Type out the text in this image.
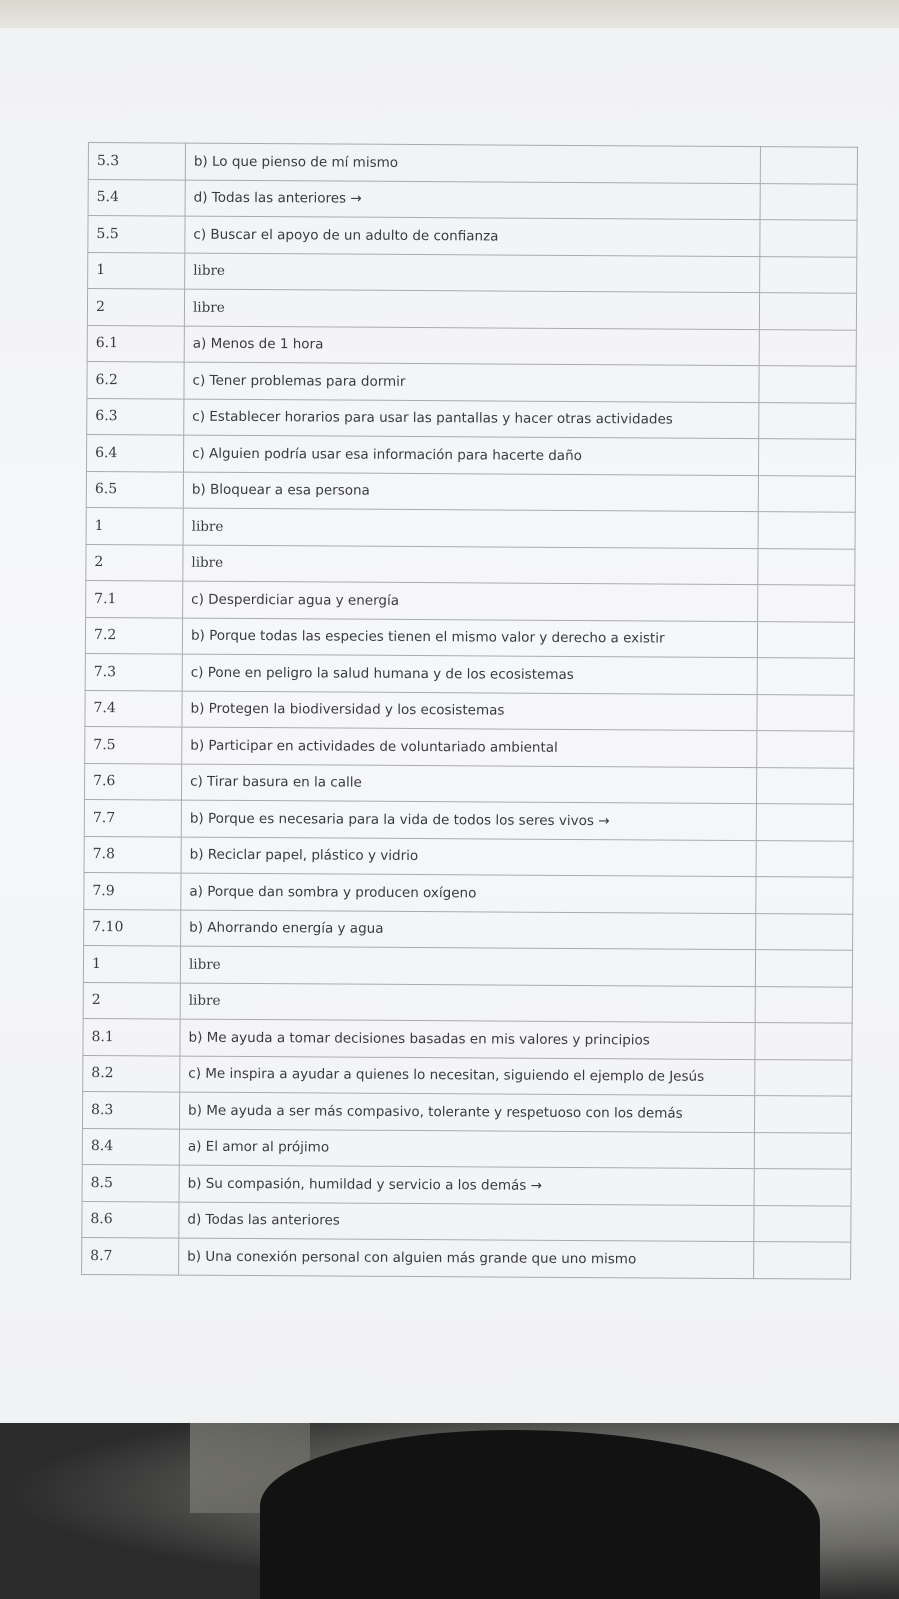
5.3	b) Lo que pienso de mí mismo	
5.4	d) Todas las anteriores →	
5.5	c) Buscar el apoyo de un adulto de confianza	
1	libre	
2	libre	
6.1	a) Menos de 1 hora	
6.2	c) Tener problemas para dormir	
6.3	c) Establecer horarios para usar las pantallas y hacer otras actividades	
6.4	c) Alguien podría usar esa información para hacerte daño	
6.5	b) Bloquear a esa persona	
1	libre	
2	libre	
7.1	c) Desperdiciar agua y energía	
7.2	b) Porque todas las especies tienen el mismo valor y derecho a existir	
7.3	c) Pone en peligro la salud humana y de los ecosistemas	
7.4	b) Protegen la biodiversidad y los ecosistemas	
7.5	b) Participar en actividades de voluntariado ambiental	
7.6	c) Tirar basura en la calle	
7.7	b) Porque es necesaria para la vida de todos los seres vivos →	
7.8	b) Reciclar papel, plástico y vidrio	
7.9	a) Porque dan sombra y producen oxígeno	
7.10	b) Ahorrando energía y agua	
1	libre	
2	libre	
8.1	b) Me ayuda a tomar decisiones basadas en mis valores y principios	
8.2	c) Me inspira a ayudar a quienes lo necesitan, siguiendo el ejemplo de Jesús	
8.3	b) Me ayuda a ser más compasivo, tolerante y respetuoso con los demás	
8.4	a) El amor al prójimo	
8.5	b) Su compasión, humildad y servicio a los demás →	
8.6	d) Todas las anteriores	
8.7	b) Una conexión personal con alguien más grande que uno mismo	
